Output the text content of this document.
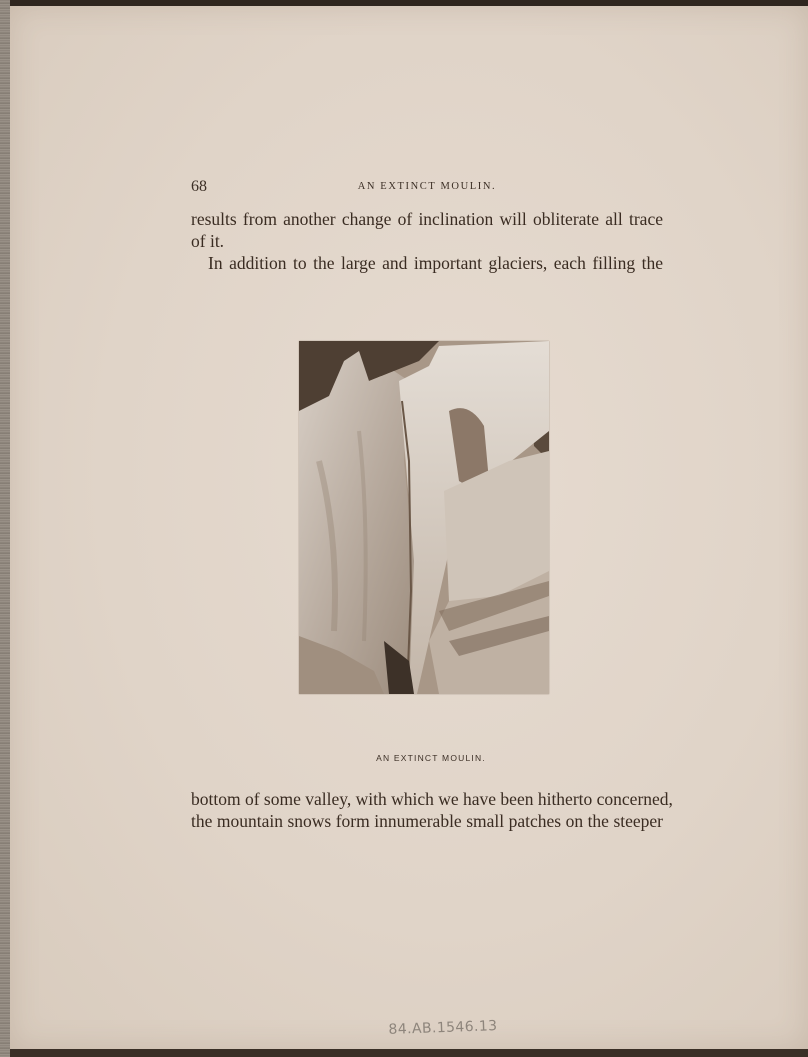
68	AN EXTINCT MOULIN.
results from another change of inclination will obliterate all trace
of it.
In addition to the large and important glaciers, each filling the
AN EXTINCT MOULIN.
bottom of some valley, with which we have been hitherto concerned,
the mountain snows form innumerable small patches on the steeper
84.AB.1546.13
